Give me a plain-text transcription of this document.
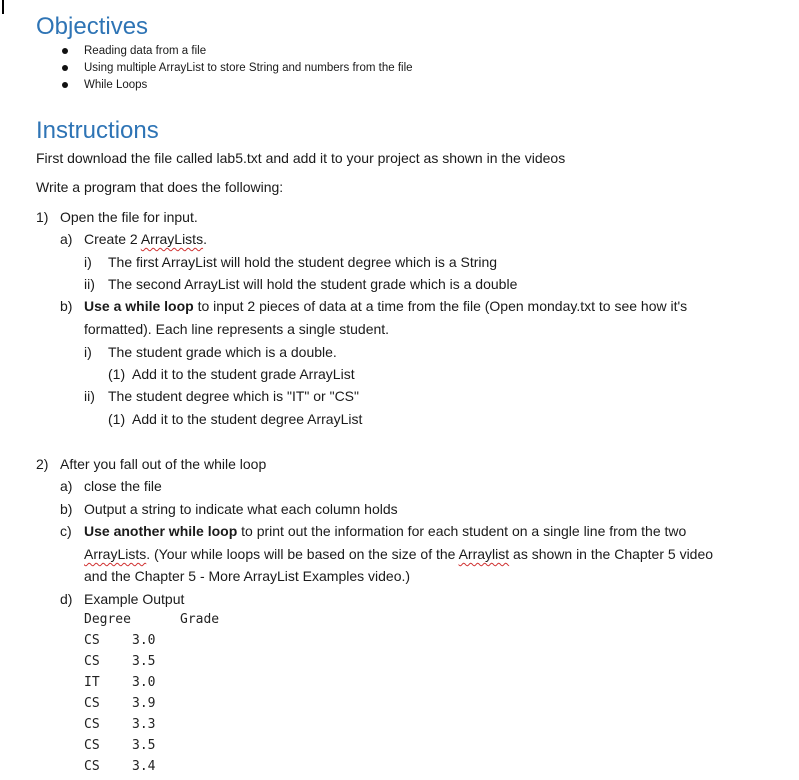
Objectives
Reading data from a file
Using multiple ArrayList to store String and numbers from the file
While Loops
Instructions
First download the file called lab5.txt and add it to your project as shown in the videos
Write a program that does the following:
1) Open the file for input.
a) Create 2 ArrayLists.
i) The first ArrayList will hold the student degree which is a String
ii) The second ArrayList will hold the student grade which is a double
b) Use a while loop to input 2 pieces of data at a time from the file (Open monday.txt to see how it's
formatted). Each line represents a single student.
i) The student grade which is a double.
(1) Add it to the student grade ArrayList
ii) The student degree which is "IT" or "CS"
(1) Add it to the student degree ArrayList
2) After you fall out of the while loop
a) close the file
b) Output a string to indicate what each column holds
c) Use another while loop to print out the information for each student on a single line from the two
ArrayLists. (Your while loops will be based on the size of the Arraylist as shown in the Chapter 5 video
and the Chapter 5 - More ArrayList Examples video.)
d) Example Output
Degree	Grade
CS 3.0
CS 3.5
IT 3.0
CS 3.9
CS 3.3
CS 3.5
CS 3.4
